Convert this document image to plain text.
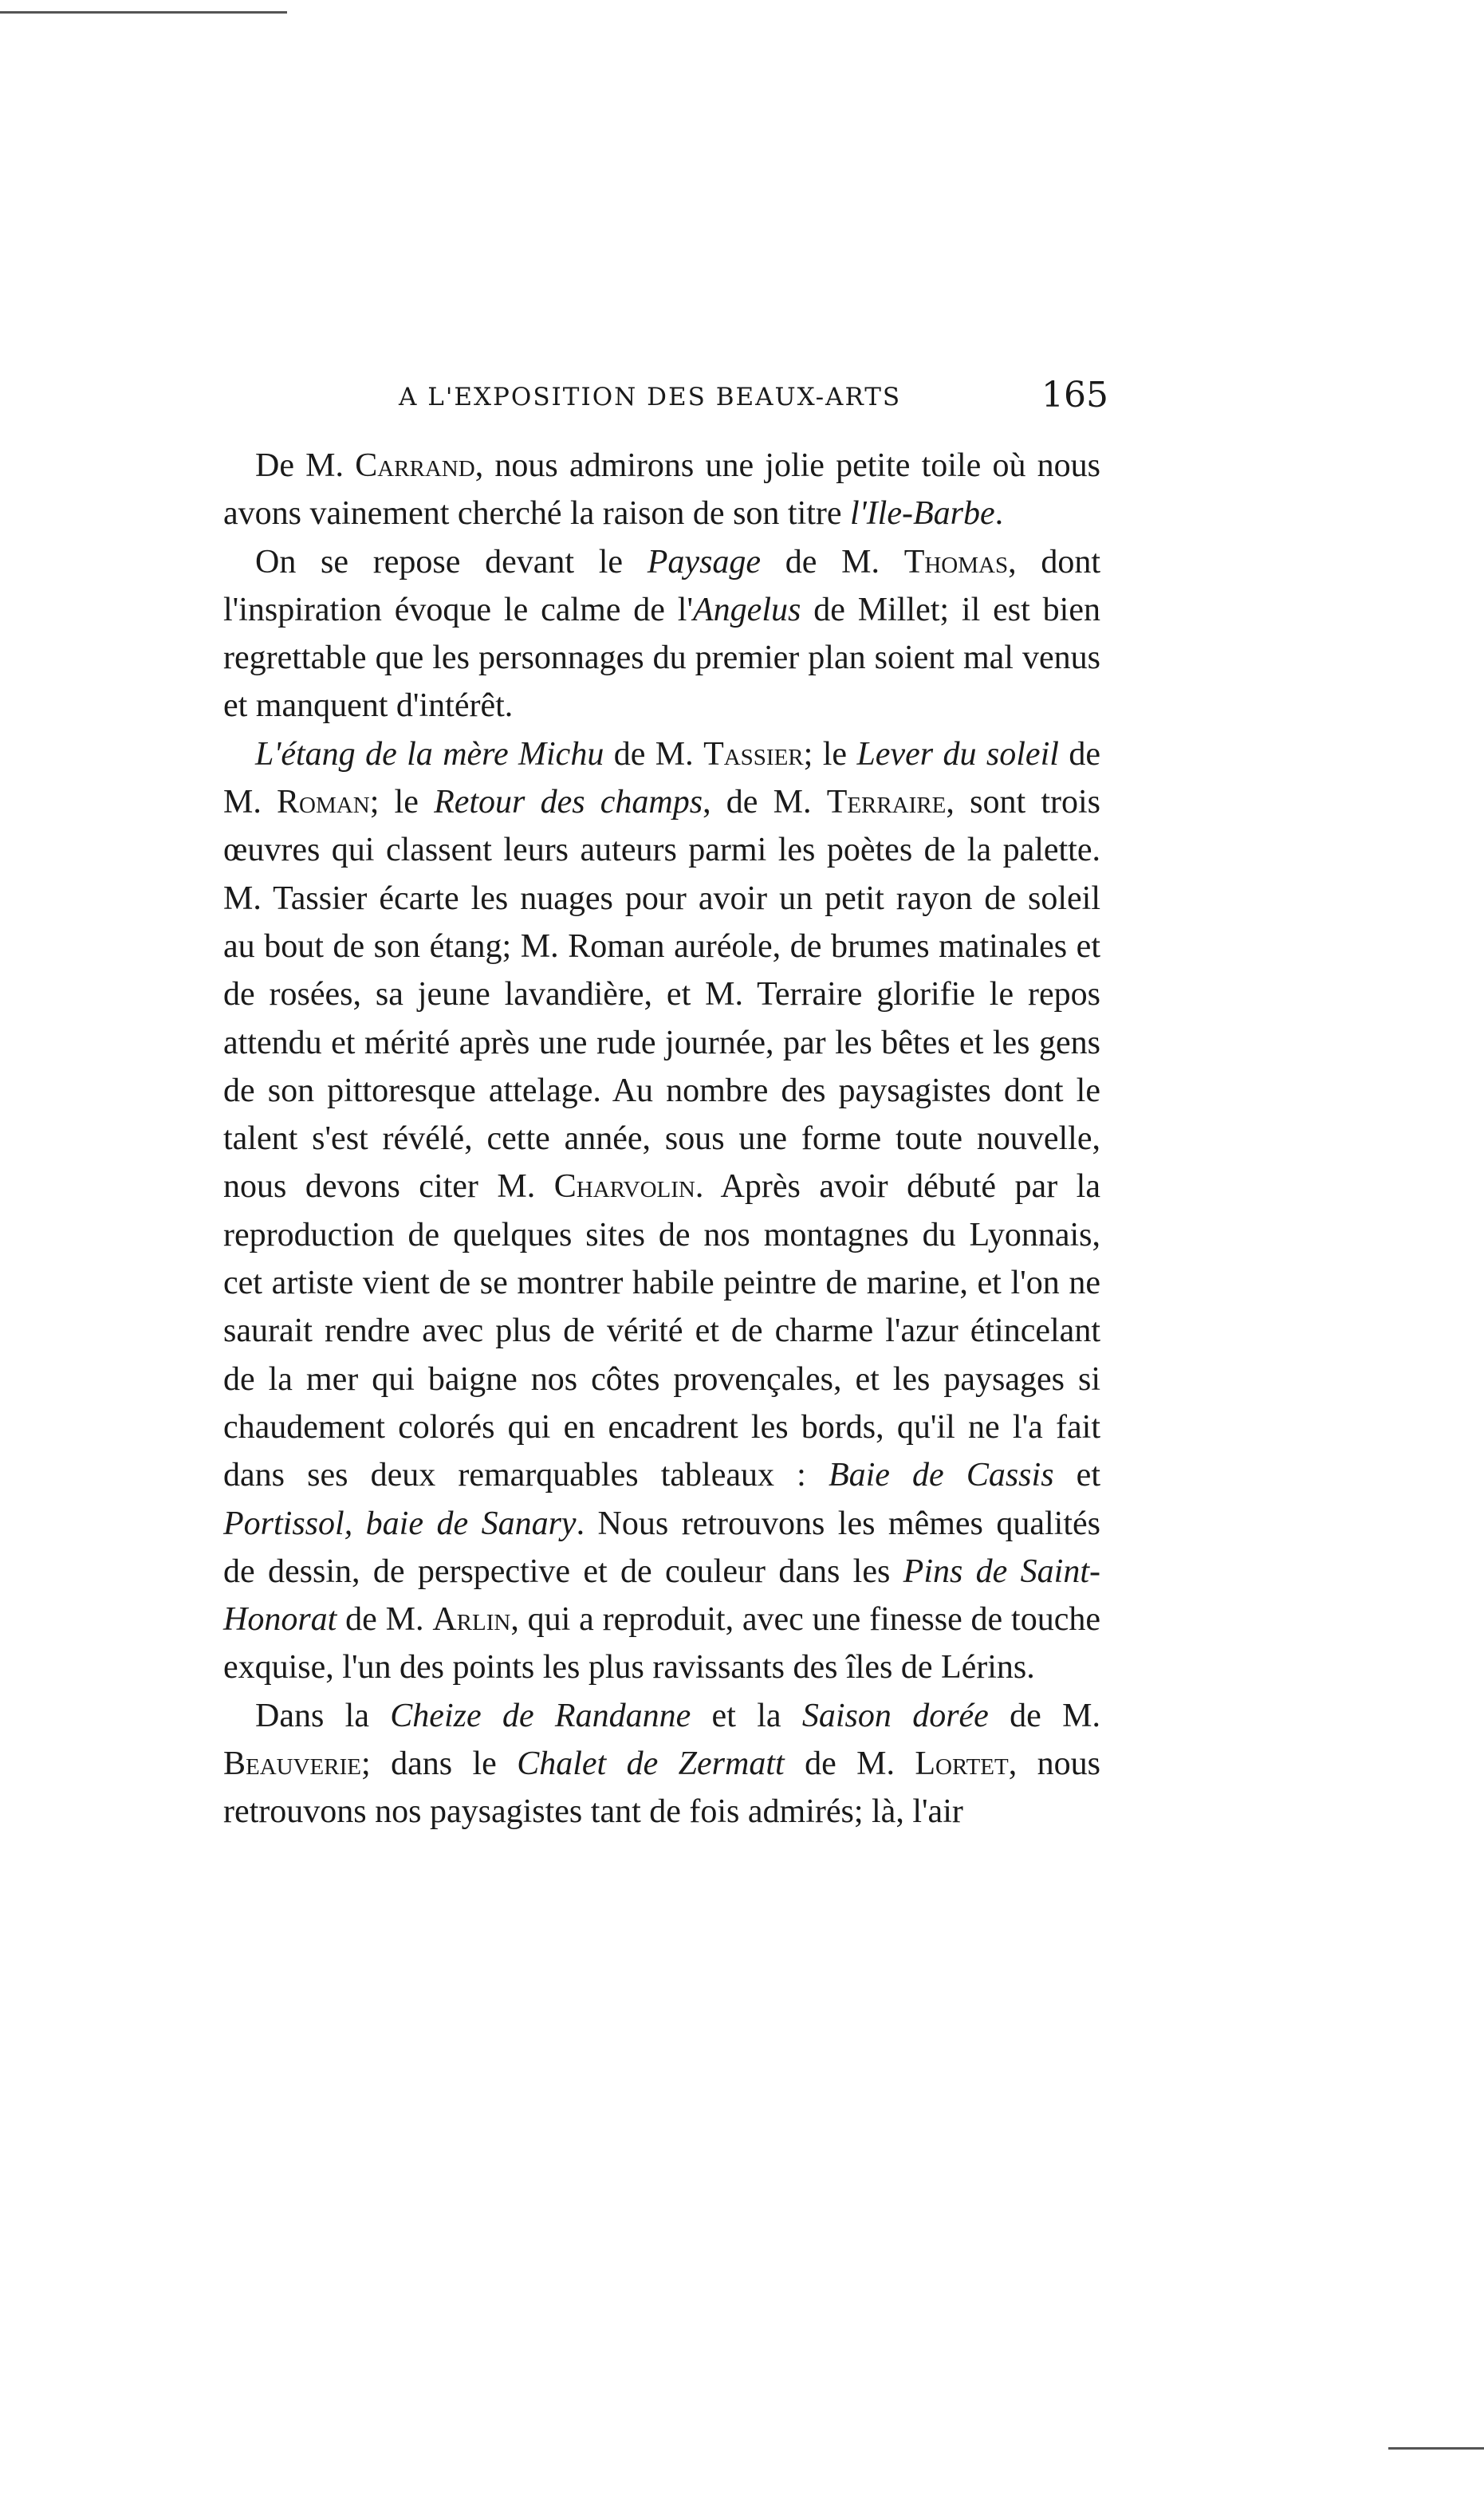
A L'EXPOSITION DES BEAUX-ARTS	165

De M. Carrand, nous admirons une jolie petite toile où nous avons vainement cherché la raison de son titre l'Ile-Barbe.

On se repose devant le Paysage de M. Thomas, dont l'inspiration évoque le calme de l'Angelus de Millet; il est bien regrettable que les personnages du premier plan soient mal venus et manquent d'intérêt.

L'étang de la mère Michu de M. Tassier; le Lever du soleil de M. Roman; le Retour des champs, de M. Terraire, sont trois œuvres qui classent leurs auteurs parmi les poètes de la palette. M. Tassier écarte les nuages pour avoir un petit rayon de soleil au bout de son étang; M. Roman auréole, de brumes matinales et de rosées, sa jeune lavandière, et M. Terraire glorifie le repos attendu et mérité après une rude journée, par les bêtes et les gens de son pittoresque attelage. Au nombre des paysagistes dont le talent s'est révélé, cette année, sous une forme toute nouvelle, nous devons citer M. Charvolin. Après avoir débuté par la reproduction de quelques sites de nos montagnes du Lyonnais, cet artiste vient de se montrer habile peintre de marine, et l'on ne saurait rendre avec plus de vérité et de charme l'azur étincelant de la mer qui baigne nos côtes provençales, et les paysages si chaudement colorés qui en encadrent les bords, qu'il ne l'a fait dans ses deux remarquables tableaux : Baie de Cassis et Portissol, baie de Sanary. Nous retrouvons les mêmes qualités de dessin, de perspective et de couleur dans les Pins de Saint-Honorat de M. Arlin, qui a reproduit, avec une finesse de touche exquise, l'un des points les plus ravissants des îles de Lérins.

Dans la Cheize de Randanne et la Saison dorée de M. Beauverie; dans le Chalet de Zermatt de M. Lortet, nous retrouvons nos paysagistes tant de fois admirés; là, l'air
